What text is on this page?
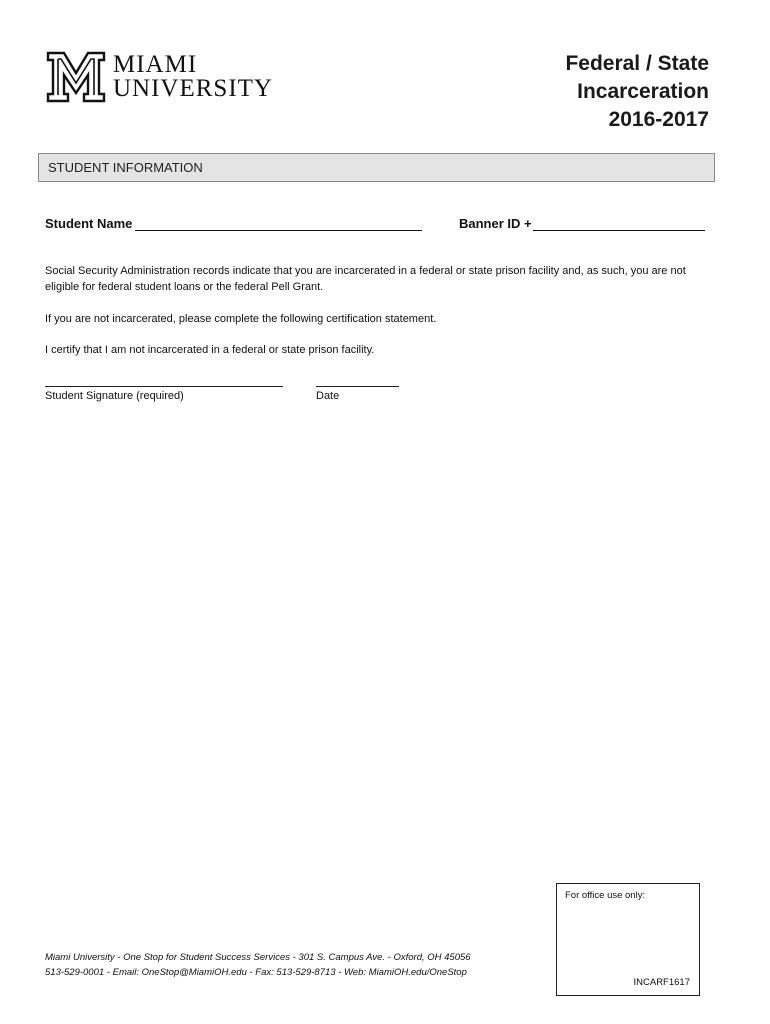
MIAMI
UNIVERSITY
Federal / State
Incarceration
2016-2017
STUDENT INFORMATION
Student Name	Banner ID +
Social Security Administration records indicate that you are incarcerated in a federal or state prison facility and, as such, you are not eligible for federal student loans or the federal Pell Grant.
If you are not incarcerated, please complete the following certification statement.
I certify that I am not incarcerated in a federal or state prison facility.
Student Signature (required)	Date
For office use only:
INCARF1617
Miami University - One Stop for Student Success Services - 301 S. Campus Ave. - Oxford, OH 45056
513-529-0001 - Email: OneStop@MiamiOH.edu - Fax: 513-529-8713 - Web: MiamiOH.edu/OneStop
